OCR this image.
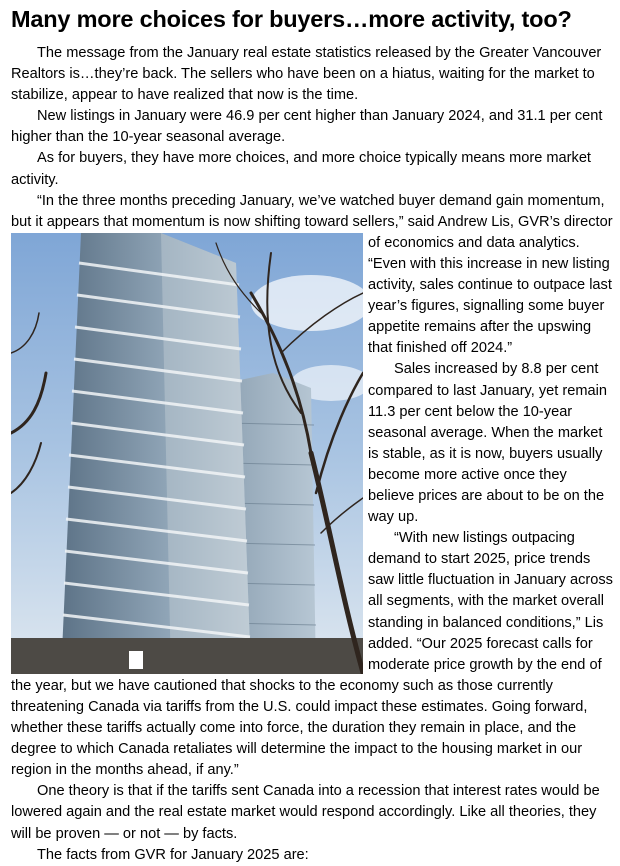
Many more choices for buyers…more activity, too?

The message from the January real estate statistics released by the Greater Vancouver Realtors is…they’re back. The sellers who have been on a hiatus, waiting for the market to stabilize, appear to have realized that now is the time.

New listings in January were 46.9 per cent higher than January 2024, and 31.1 per cent higher than the 10-year seasonal average.

As for buyers, they have more choices, and more choice typically means more market activity.

“In the three months preceding January, we’ve watched buyer demand gain momentum, but it appears that momentum is now shifting toward sellers,” said Andrew Lis, GVR’s director of economics and data analytics. “Even with this increase in new listing activity, sales continue to outpace last year’s figures, signalling some buyer appetite remains after the upswing that finished off 2024.”

Sales increased by 8.8 per cent compared to last January, yet remain 11.3 per cent below the 10-year seasonal average. When the market is stable, as it is now, buyers usually become more active once they believe prices are about to be on the way up.

“With new listings outpacing demand to start 2025, price trends saw little fluctuation in January across all segments, with the market overall standing in balanced conditions,” Lis added. “Our 2025 forecast calls for moderate price growth by the end of the year, but we have cautioned that shocks to the economy such as those currently threatening Canada via tariffs from the U.S. could impact these estimates. Going forward, whether these tariffs actually come into force, the duration they remain in place, and the degree to which Canada retaliates will determine the impact to the housing market in our region in the months ahead, if any.”

One theory is that if the tariffs sent Canada into a recession that interest rates would be lowered again and the real estate market would respond accordingly. Like all theories, they will be proven — or not — by facts.

The facts from GVR for January 2025 are:
